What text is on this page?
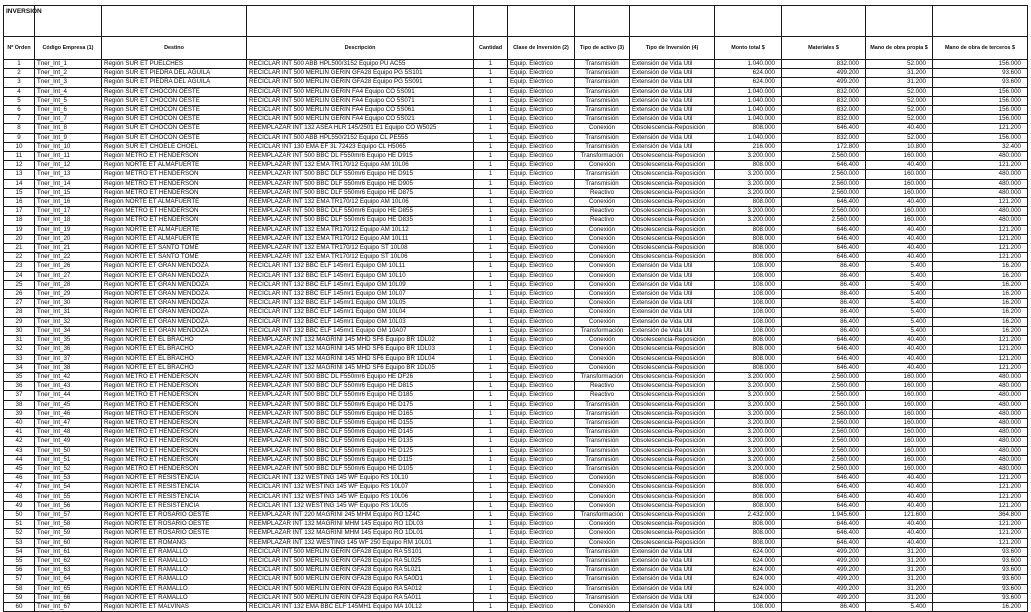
INVERSIÓN											
Nº Orden	Código Empresa (1)	Destino	Descripción	Cantidad	Clase de Inversión (2)	Tipo de activo (3)	Tipo de Inversión (4)	Monto total $	Materiales $	Mano de obra propia $	Mano de obra de terceros $
1	Tner_Int_1	Región SUR ET PUELCHES	RECICLAR INT 500 ABB HPL500/3152 Equipo PU AC55	1	Equip. Eléctrico	Transmisión	Extensión de Vida Útil	1.040.000	832.000	52.000	156.000
2	Tner_Int_2	Región SUR ET PIEDRA DEL ÁGUILA	RECICLAR INT 500 MERLIN GERIN GFA28 Equipo PG 5S101	1	Equip. Eléctrico	Transmisión	Extensión de Vida Útil	624.000	499.200	31.200	93.600
3	Tner_Int_3	Región SUR ET PIEDRA DEL ÁGUILA	RECICLAR INT 500 MERLIN GERIN GFA28 Equipo PG 5S091	1	Equip. Eléctrico	Transmisión	Extensión de Vida Útil	624.000	499.200	31.200	93.600
4	Tner_Int_4	Región SUR ET CHOCON OESTE	RECICLAR INT 500 MERLIN GERIN FA4 Equipo CO 5S091	1	Equip. Eléctrico	Transmisión	Extensión de Vida Útil	1.040.000	832.000	52.000	156.000
5	Tner_Int_5	Región SUR ET CHOCON OESTE	RECICLAR INT 500 MERLIN GERIN FA4 Equipo CO 5S071	1	Equip. Eléctrico	Transmisión	Extensión de Vida Útil	1.040.000	832.000	52.000	156.000
6	Tner_Int_6	Región SUR ET CHOCON OESTE	RECICLAR INT 500 MERLIN GERIN FA4 Equipo CO 5S061	1	Equip. Eléctrico	Transmisión	Extensión de Vida Útil	1.040.000	832.000	52.000	156.000
7	Tner_Int_7	Región SUR ET CHOCON OESTE	RECICLAR INT 500 MERLIN GERIN FA4 Equipo CO 5S021	1	Equip. Eléctrico	Transmisión	Extensión de Vida Útil	1.040.000	832.000	52.000	156.000
8	Tner_Int_8	Región SUR ET CHOCON OESTE	REEMPLAZAR INT 132 ASEA HLR 145/2501 E1 Equipo CO W5025	1	Equip. Eléctrico	Conexión	Obsolescencia-Reposición	808.000	646.400	40.400	121.200
9	Tner_Int_9	Región SUR ET CHOCON OESTE	RECICLAR INT 500 ABB HPL550/2152 Equipo CL PE555	1	Equip. Eléctrico	Transmisión	Extensión de Vida Útil	1.040.000	832.000	52.000	156.000
10	Tner_Int_10	Región SUR ET CHOELE CHOEL	RECICLAR INT 130 EMA EF 3L 72423 Equipo CL H5065	1	Equip. Eléctrico	Transmisión	Extensión de Vida Útil	216.000	172.800	10.800	32.400
11	Tner_Int_11	Región METRO ET HENDERSON	REEMPLAZAR INT 500 BBC DL F550mr6 Equipo HE D915	1	Equip. Eléctrico	Transformación	Obsolescencia-Reposición	3.200.000	2.560.000	160.000	480.000
12	Tner_Int_12	Región NORTE ET ALMAFUERTE	REEMPLAZAR INT 132 EMA TR170/12 Equipo AM 10L06	1	Equip. Eléctrico	Conexión	Obsolescencia-Reposición	808.000	646.400	40.400	121.200
13	Tner_Int_13	Región METRO ET HENDERSON	REEMPLAZAR INT 500 BBC DLF 550mr6 Equipo HE D915	1	Equip. Eléctrico	Transmisión	Obsolescencia-Reposición	3.200.000	2.560.000	160.000	480.000
14	Tner_Int_14	Región METRO ET HENDERSON	REEMPLAZAR INT 500 BBC DLF 550mr6 Equipo HE D905	1	Equip. Eléctrico	Transmisión	Obsolescencia-Reposición	3.200.000	2.560.000	160.000	480.000
15	Tner_Int_15	Región METRO ET HENDERSON	REEMPLAZAR INT 500 BBC DLF 550mr6 Equipo HE D875	1	Equip. Eléctrico	Reactivo	Obsolescencia-Reposición	3.200.000	2.560.000	160.000	480.000
16	Tner_Int_16	Región NORTE ET ALMAFUERTE	REEMPLAZAR INT 132 EMA TR170/12 Equipo AM 10L06	1	Equip. Eléctrico	Conexión	Obsolescencia-Reposición	808.000	646.400	40.400	121.200
17	Tner_Int_17	Región METRO ET HENDERSON	REEMPLAZAR INT 500 BBC DLF 550mr6 Equipo HE D855	1	Equip. Eléctrico	Reactivo	Obsolescencia-Reposición	3.200.000	2.560.000	160.000	480.000
18	Tner_Int_18	Región METRO ET HENDERSON	REEMPLAZAR INT 500 BBC DLF 550mr6 Equipo HE D835	1	Equip. Eléctrico	Reactivo	Obsolescencia-Reposición	3.200.000	2.560.000	160.000	480.000
19	Tner_Int_19	Región NORTE ET ALMAFUERTE	REEMPLAZAR INT 132 EMA TR170/12 Equipo AM 10L12	1	Equip. Eléctrico	Conexión	Obsolescencia-Reposición	808.000	646.400	40.400	121.200
20	Tner_Int_20	Región NORTE ET ALMAFUERTE	REEMPLAZAR INT 132 EMA TR170/12 Equipo AM 10L11	1	Equip. Eléctrico	Conexión	Obsolescencia-Reposición	808.000	646.400	40.400	121.200
21	Tner_Int_21	Región NORTE ET SANTO TOMÉ	REEMPLAZAR INT 132 EMA TR170/12 Equipo ST 10L08	1	Equip. Eléctrico	Conexión	Obsolescencia-Reposición	808.000	646.400	40.400	121.200
22	Tner_Int_22	Región NORTE ET SANTO TOMÉ	REEMPLAZAR INT 132 EMA TR170/12 Equipo ST 10L06	1	Equip. Eléctrico	Conexión	Obsolescencia-Reposición	808.000	646.400	40.400	121.200
23	Tner_Int_26	Región NORTE ET GRAN MENDOZA	RECICLAR INT 132 BBC ELF 145mr1 Equipo GM 10L11	1	Equip. Eléctrico	Conexión	Extensión de Vida Útil	108.000	86.400	5.400	16.200
24	Tner_Int_27	Región NORTE ET GRAN MENDOZA	RECICLAR INT 132 BBC ELF 145mr1 Equipo GM 10L10	1	Equip. Eléctrico	Conexión	Extensión de Vida Útil	108.000	86.400	5.400	16.200
25	Tner_Int_28	Región NORTE ET GRAN MENDOZA	RECICLAR INT 132 BBC ELF 145mr1 Equipo GM 10L09	1	Equip. Eléctrico	Conexión	Extensión de Vida Útil	108.000	86.400	5.400	16.200
26	Tner_Int_29	Región NORTE ET GRAN MENDOZA	RECICLAR INT 132 BBC ELF 145mr1 Equipo GM 10L07	1	Equip. Eléctrico	Conexión	Extensión de Vida Útil	108.000	86.400	5.400	16.200
27	Tner_Int_30	Región NORTE ET GRAN MENDOZA	RECICLAR INT 132 BBC ELF 145mr1 Equipo GM 10L05	1	Equip. Eléctrico	Conexión	Extensión de Vida Útil	108.000	86.400	5.400	16.200
28	Tner_Int_31	Región NORTE ET GRAN MENDOZA	RECICLAR INT 132 BBC ELF 145mr1 Equipo GM 10L04	1	Equip. Eléctrico	Conexión	Extensión de Vida Útil	108.000	86.400	5.400	16.200
29	Tner_Int_32	Región NORTE ET GRAN MENDOZA	RECICLAR INT 132 BBC ELF 145mr1 Equipo GM 10L03	1	Equip. Eléctrico	Conexión	Extensión de Vida Útil	108.000	86.400	5.400	16.200
30	Tner_Int_34	Región NORTE ET GRAN MENDOZA	RECICLAR INT 132 BBC ELF 145mr1 Equipo GM 10A07	1	Equip. Eléctrico	Transformación	Extensión de Vida Útil	108.000	86.400	5.400	16.200
31	Tner_Int_35	Región NORTE ET EL BRACHO	REEMPLAZAR INT 132 MAGRINI 145 MHD SF6 Equipo BR 1DL02	1	Equip. Eléctrico	Conexión	Obsolescencia-Reposición	808.000	646.400	40.400	121.200
32	Tner_Int_36	Región NORTE ET EL BRACHO	REEMPLAZAR INT 132 MAGRINI 145 MHD SF6 Equipo BR 1DL03	1	Equip. Eléctrico	Conexión	Obsolescencia-Reposición	808.000	646.400	40.400	121.200
33	Tner_Int_37	Región NORTE ET EL BRACHO	REEMPLAZAR INT 132 MAGRINI 145 MHD SF6 Equipo BR 1DL04	1	Equip. Eléctrico	Conexión	Obsolescencia-Reposición	808.000	646.400	40.400	121.200
34	Tner_Int_38	Región NORTE ET EL BRACHO	REEMPLAZAR INT 132 MAGRINI 145 MHD SF6 Equipo BR 1DL05	1	Equip. Eléctrico	Conexión	Obsolescencia-Reposición	808.000	646.400	40.400	121.200
35	Tner_Int_42	Región METRO ET HENDERSON	REEMPLAZAR INT 500 BBC DL F550mr6 Equipo HE DF26	1	Equip. Eléctrico	Transformación	Obsolescencia-Reposición	3.200.000	2.560.000	160.000	480.000
36	Tner_Int_43	Región METRO ET HENDERSON	REEMPLAZAR INT 500 BBC DLF 550mr6 Equipo HE D815	1	Equip. Eléctrico	Reactivo	Obsolescencia-Reposición	3.200.000	2.560.000	160.000	480.000
37	Tner_Int_44	Región METRO ET HENDERSON	REEMPLAZAR INT 500 BBC DLF 550mr6 Equipo HE D185	1	Equip. Eléctrico	Reactivo	Obsolescencia-Reposición	3.200.000	2.560.000	160.000	480.000
38	Tner_Int_45	Región METRO ET HENDERSON	REEMPLAZAR INT 500 BBC DLF 550mr6 Equipo HE D175	1	Equip. Eléctrico	Transmisión	Obsolescencia-Reposición	3.200.000	2.560.000	160.000	480.000
39	Tner_Int_46	Región METRO ET HENDERSON	REEMPLAZAR INT 500 BBC DLF 550mr6 Equipo HE D165	1	Equip. Eléctrico	Transmisión	Obsolescencia-Reposición	3.200.000	2.560.000	160.000	480.000
40	Tner_Int_47	Región METRO ET HENDERSON	REEMPLAZAR INT 500 BBC DLF 550mr6 Equipo HE D155	1	Equip. Eléctrico	Transmisión	Obsolescencia-Reposición	3.200.000	2.560.000	160.000	480.000
41	Tner_Int_48	Región METRO ET HENDERSON	REEMPLAZAR INT 500 BBC DLF 550mr6 Equipo HE D145	1	Equip. Eléctrico	Transmisión	Obsolescencia-Reposición	3.200.000	2.560.000	160.000	480.000
42	Tner_Int_49	Región METRO ET HENDERSON	REEMPLAZAR INT 500 BBC DLF 550mr6 Equipo HE D135	1	Equip. Eléctrico	Transmisión	Obsolescencia-Reposición	3.200.000	2.560.000	160.000	480.000
43	Tner_Int_50	Región METRO ET HENDERSON	REEMPLAZAR INT 500 BBC DLF 550mr6 Equipo HE D125	1	Equip. Eléctrico	Transmisión	Obsolescencia-Reposición	3.200.000	2.560.000	160.000	480.000
44	Tner_Int_51	Región METRO ET HENDERSON	REEMPLAZAR INT 500 BBC DLF 550mr6 Equipo HE D115	1	Equip. Eléctrico	Transmisión	Obsolescencia-Reposición	3.200.000	2.560.000	160.000	480.000
45	Tner_Int_52	Región METRO ET HENDERSON	REEMPLAZAR INT 500 BBC DLF 550mr6 Equipo HE D105	1	Equip. Eléctrico	Transmisión	Obsolescencia-Reposición	3.200.000	2.560.000	160.000	480.000
46	Tner_Int_53	Región NORTE ET RESISTENCIA	RECICLAR INT 132 WESTING 145 WF Equipo RS 10L10	1	Equip. Eléctrico	Conexión	Obsolescencia-Reposición	808.000	646.400	40.400	121.200
47	Tner_Int_54	Región NORTE ET RESISTENCIA	RECICLAR INT 132 WESTING 145 WF Equipo RS 10L07	1	Equip. Eléctrico	Conexión	Obsolescencia-Reposición	808.000	646.400	40.400	121.200
48	Tner_Int_55	Región NORTE ET RESISTENCIA	RECICLAR INT 132 WESTING 145 WF Equipo RS 10L06	1	Equip. Eléctrico	Conexión	Obsolescencia-Reposición	808.000	646.400	40.400	121.200
49	Tner_Int_56	Región NORTE ET RESISTENCIA	RECICLAR INT 132 WESTING 145 WF Equipo RS 10L05	1	Equip. Eléctrico	Conexión	Obsolescencia-Reposición	808.000	646.400	40.400	121.200
50	Tner_Int_57	Región NORTE ET ROSARIO OESTE	REEMPLAZAR INT 220 MAGRINI 245 MHM Equipo RO 1Z4C	1	Equip. Eléctrico	Transformación	Obsolescencia-Reposición	2.432.000	1.945.600	121.600	364.800
51	Tner_Int_58	Región NORTE ET ROSARIO OESTE	REEMPLAZAR INT 132 MAGRINI MHM 145 Equipo RO 1DL03	1	Equip. Eléctrico	Conexión	Obsolescencia-Reposición	808.000	646.400	40.400	121.200
52	Tner_Int_59	Región NORTE ET ROSARIO OESTE	REEMPLAZAR INT 132 MAGRINI MHM 145 Equipo RO 1DL01	1	Equip. Eléctrico	Conexión	Obsolescencia-Reposición	808.000	646.400	40.400	121.200
53	Tner_Int_60	Región NORTE ET ROMANG	REEMPLAZAR INT 132 WESTING 145 WF 250 Equipo RM 10L01	1	Equip. Eléctrico	Conexión	Obsolescencia-Reposición	808.000	646.400	40.400	121.200
54	Tner_Int_61	Región NORTE ET RAMALLO	RECICLAR INT 500 MERLIN GERIN GFA28 Equipo RA 5S101	1	Equip. Eléctrico	Transmisión	Extensión de Vida Útil	624.000	499.200	31.200	93.600
55	Tner_Int_62	Región NORTE ET RAMALLO	RECICLAR INT 500 MERLIN GERIN GFA28 Equipo RA 5L025	1	Equip. Eléctrico	Transmisión	Extensión de Vida Útil	624.000	499.200	31.200	93.600
56	Tner_Int_63	Región NORTE ET RAMALLO	RECICLAR INT 500 MERLIN GERIN GFA28 Equipo RA 5L021	1	Equip. Eléctrico	Transmisión	Extensión de Vida Útil	624.000	499.200	31.200	93.600
57	Tner_Int_64	Región NORTE ET RAMALLO	RECICLAR INT 500 MERLIN GERIN GFA28 Equipo RA 5A0D1	1	Equip. Eléctrico	Transmisión	Extensión de Vida Útil	624.000	499.200	31.200	93.600
58	Tner_Int_65	Región NORTE ET RAMALLO	RECICLAR INT 500 MERLIN GERIN GFA28 Equipo RA 5A012	1	Equip. Eléctrico	Transmisión	Extensión de Vida Útil	624.000	499.200	31.200	93.600
59	Tner_Int_66	Región NORTE ET RAMALLO	RECICLAR INT 500 MERLIN GERIN GFA28 Equipo RA 5A011	1	Equip. Eléctrico	Transmisión	Extensión de Vida Útil	624.000	499.200	31.200	93.600
60	Tner_Int_67	Región NORTE ET MALVINAS	RECICLAR INT 132 EMA BBC ELF 145MH1 Equipo MA 10L12	1	Equip. Eléctrico	Conexión	Extensión de Vida Útil	108.000	86.400	5.400	16.200
